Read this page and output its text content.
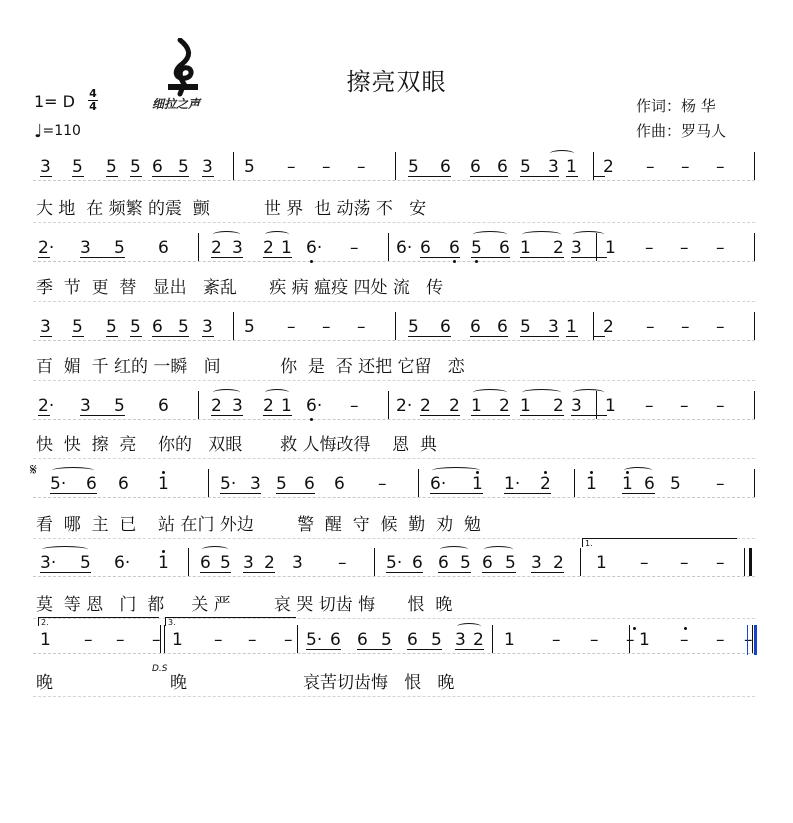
细拉之声
擦亮双眼
1= D 4
4
♩=110
作词：杨 华
作曲：罗马人
3 5 5 5 6 5 3 5 – – –	5 6 6 6 5 3 1 2 – – –
大 地  在 频繁 的震  颤          世 界  也 动荡 不   安
2· 3 5 6 2 3 2 1 6· – 6· 6 6 5 6 1 2 3 1 – – –
季  节  更  替   显出   紊乱      疾 病 瘟疫 四处 流   传
3 5 5 5 6 5 3 5 – – –	5 6 6 6 5 3 1 2 – – –
百  媚  千 红的 一瞬   间           你  是  否 还把 它留   恋
2· 3 5 6 2 3 2 1 6· – 2· 2 2 1 2 1 2 3 1 – – –
快  快  擦  亮    你的   双眼       救 人悔改得    恩  典
5· 6 6 1	5· 3 5 6 6 –	6· 1 1· 2 1 1 6 5 –
看  哪  主  已    站 在门 外边        警  醒  守  候  勤  劝  勉
3· 5 6· 1 6 5 3 2 3 – 5· 6 6 5 6 5 3 2 1 – – –
莫  等 恩   门  都     关 严        哀 哭 切齿 悔      恨  晚
1 – – – 1 – – – 5· 6 6 5 6 5 3 2 1 – – – 1 – – –
晚	晚	哀苦切齿悔   恨   晚
𝄋
D.S
1.
2.	3.
